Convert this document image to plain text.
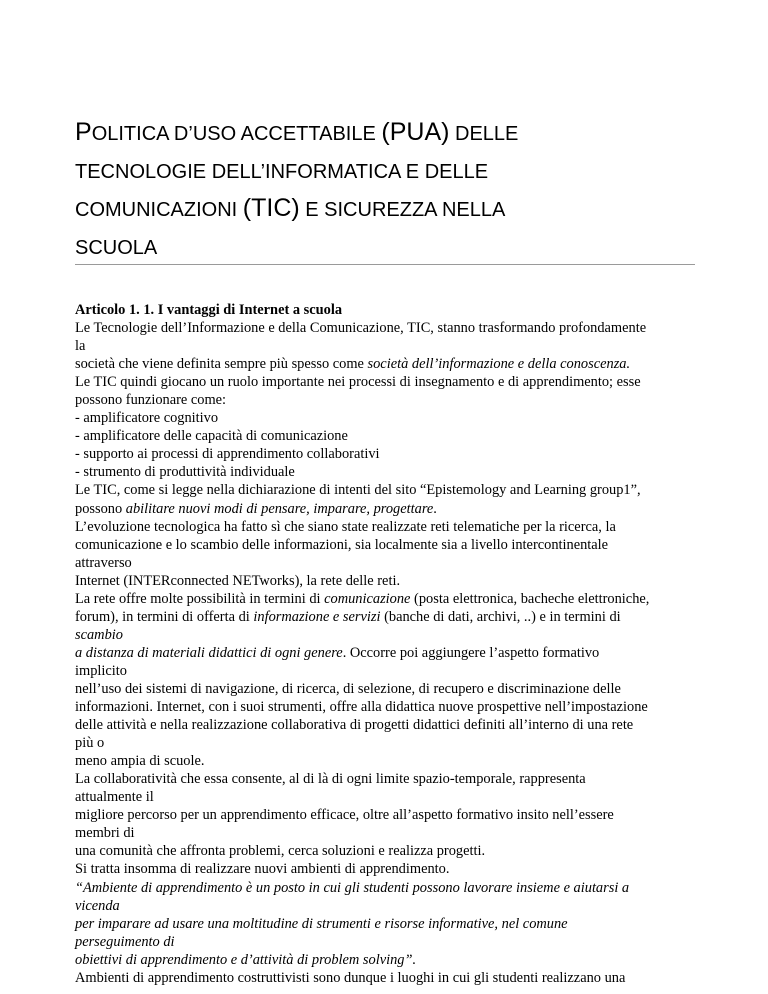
POLITICA D’USO ACCETTABILE (PUA) DELLE
TECNOLOGIE DELL’INFORMATICA E DELLE
COMUNICAZIONI (TIC) E SICUREZZA NELLA
SCUOLA
Articolo 1. 1. I vantaggi di Internet a scuola
Le Tecnologie dell’Informazione e della Comunicazione, TIC, stanno trasformando profondamente
la
società che viene definita sempre più spesso come società dell’informazione e della conoscenza.
Le TIC quindi giocano un ruolo importante nei processi di insegnamento e di apprendimento; esse
possono funzionare come:
- amplificatore cognitivo
- amplificatore delle capacità di comunicazione
- supporto ai processi di apprendimento collaborativi
- strumento di produttività individuale
Le TIC, come si legge nella dichiarazione di intenti del sito “Epistemology and Learning group1”,
possono abilitare nuovi modi di pensare, imparare, progettare.
L’evoluzione tecnologica ha fatto sì che siano state realizzate reti telematiche per la ricerca, la
comunicazione e lo scambio delle informazioni, sia localmente sia a livello intercontinentale
attraverso
Internet (INTERconnected NETworks), la rete delle reti.
La rete offre molte possibilità in termini di comunicazione (posta elettronica, bacheche elettroniche,
forum), in termini di offerta di informazione e servizi (banche di dati, archivi, ..) e in termini di
scambio
a distanza di materiali didattici di ogni genere. Occorre poi aggiungere l’aspetto formativo
implicito
nell’uso dei sistemi di navigazione, di ricerca, di selezione, di recupero e discriminazione delle
informazioni. Internet, con i suoi strumenti, offre alla didattica nuove prospettive nell’impostazione
delle attività e nella realizzazione collaborativa di progetti didattici definiti all’interno di una rete
più o
meno ampia di scuole.
La collaboratività che essa consente, al di là di ogni limite spazio-temporale, rappresenta
attualmente il
migliore percorso per un apprendimento efficace, oltre all’aspetto formativo insito nell’essere
membri di
una comunità che affronta problemi, cerca soluzioni e realizza progetti.
Si tratta insomma di realizzare nuovi ambienti di apprendimento.
“Ambiente di apprendimento è un posto in cui gli studenti possono lavorare insieme e aiutarsi a
vicenda
per imparare ad usare una moltitudine di strumenti e risorse informative, nel comune
perseguimento di
obiettivi di apprendimento e d’attività di problem solving”.
Ambienti di apprendimento costruttivisti sono dunque i luoghi in cui gli studenti realizzano una
